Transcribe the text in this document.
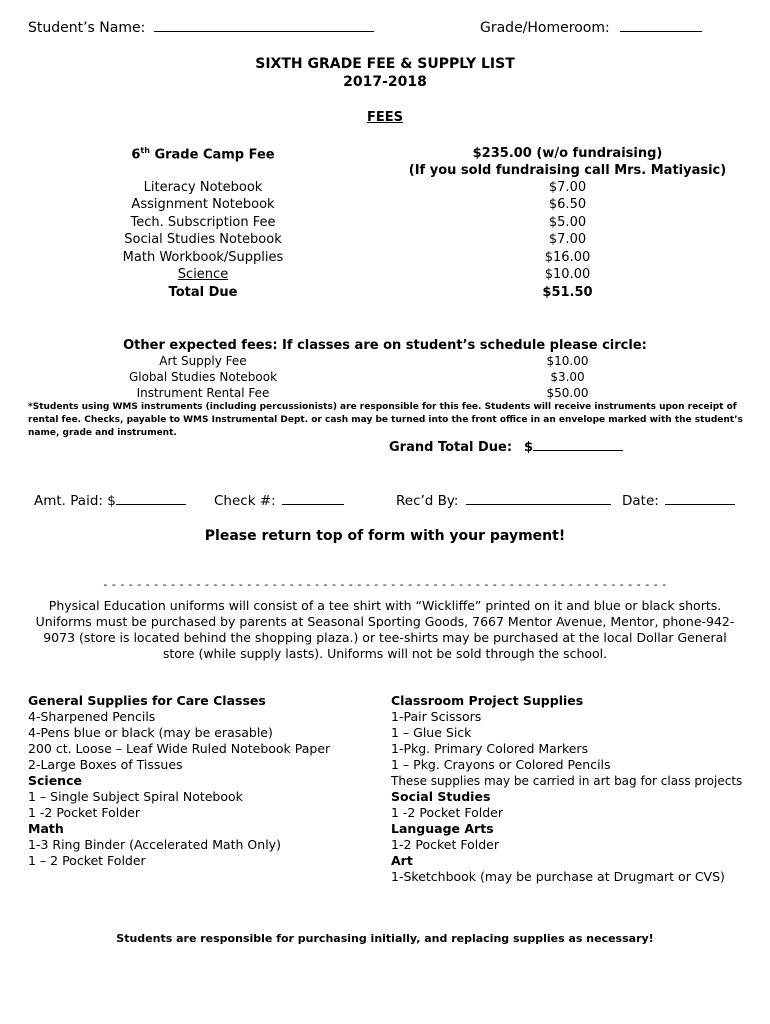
Student’s Name:	Grade/Homeroom:
SIXTH GRADE FEE & SUPPLY LIST
2017-2018
FEES
6th Grade Camp Fee	$235.00 (w/o fundraising)
(If you sold fundraising call Mrs. Matiyasic)
Literacy Notebook	$7.00
Assignment Notebook	$6.50
Tech. Subscription Fee	$5.00
Social Studies Notebook	$7.00
Math Workbook/Supplies	$16.00
Science	$10.00
Total Due	$51.50
Other expected fees: If classes are on student’s schedule please circle:
Art Supply Fee	$10.00
Global Studies Notebook	$3.00
Instrument Rental Fee	$50.00
*Students using WMS instruments (including percussionists) are responsible for this fee. Students will receive instruments upon receipt of rental fee. Checks, payable to WMS Instrumental Dept. or cash may be turned into the front office in an envelope marked with the student’s name, grade and instrument.
Grand Total Due: $
Amt. Paid: $	Check #:	Rec’d By:	Date:
Please return top of form with your payment!
- - - - - - - - - - - - - - - - - - - - - - - - - - - - - - - - - - - - - - - - - - - - - - - - - - - - - - - - - - - - - - - - - - -
Physical Education uniforms will consist of a tee shirt with “Wickliffe” printed on it and blue or black shorts. Uniforms must be purchased by parents at Seasonal Sporting Goods, 7667 Mentor Avenue, Mentor, phone-942-9073 (store is located behind the shopping plaza.) or tee-shirts may be purchased at the local Dollar General store (while supply lasts). Uniforms will not be sold through the school.
General Supplies for Care Classes
4-Sharpened Pencils
4-Pens blue or black (may be erasable)
200 ct. Loose – Leaf Wide Ruled Notebook Paper
2-Large Boxes of Tissues
Science
1 – Single Subject Spiral Notebook
1 -2 Pocket Folder
Math
1-3 Ring Binder (Accelerated Math Only)
1 – 2 Pocket Folder
Classroom Project Supplies
1-Pair Scissors
1 – Glue Sick
1-Pkg. Primary Colored Markers
1 – Pkg. Crayons or Colored Pencils
These supplies may be carried in art bag for class projects
Social Studies
1 -2 Pocket Folder
Language Arts
1-2 Pocket Folder
Art
1-Sketchbook (may be purchase at Drugmart or CVS)
Students are responsible for purchasing initially, and replacing supplies as necessary!
